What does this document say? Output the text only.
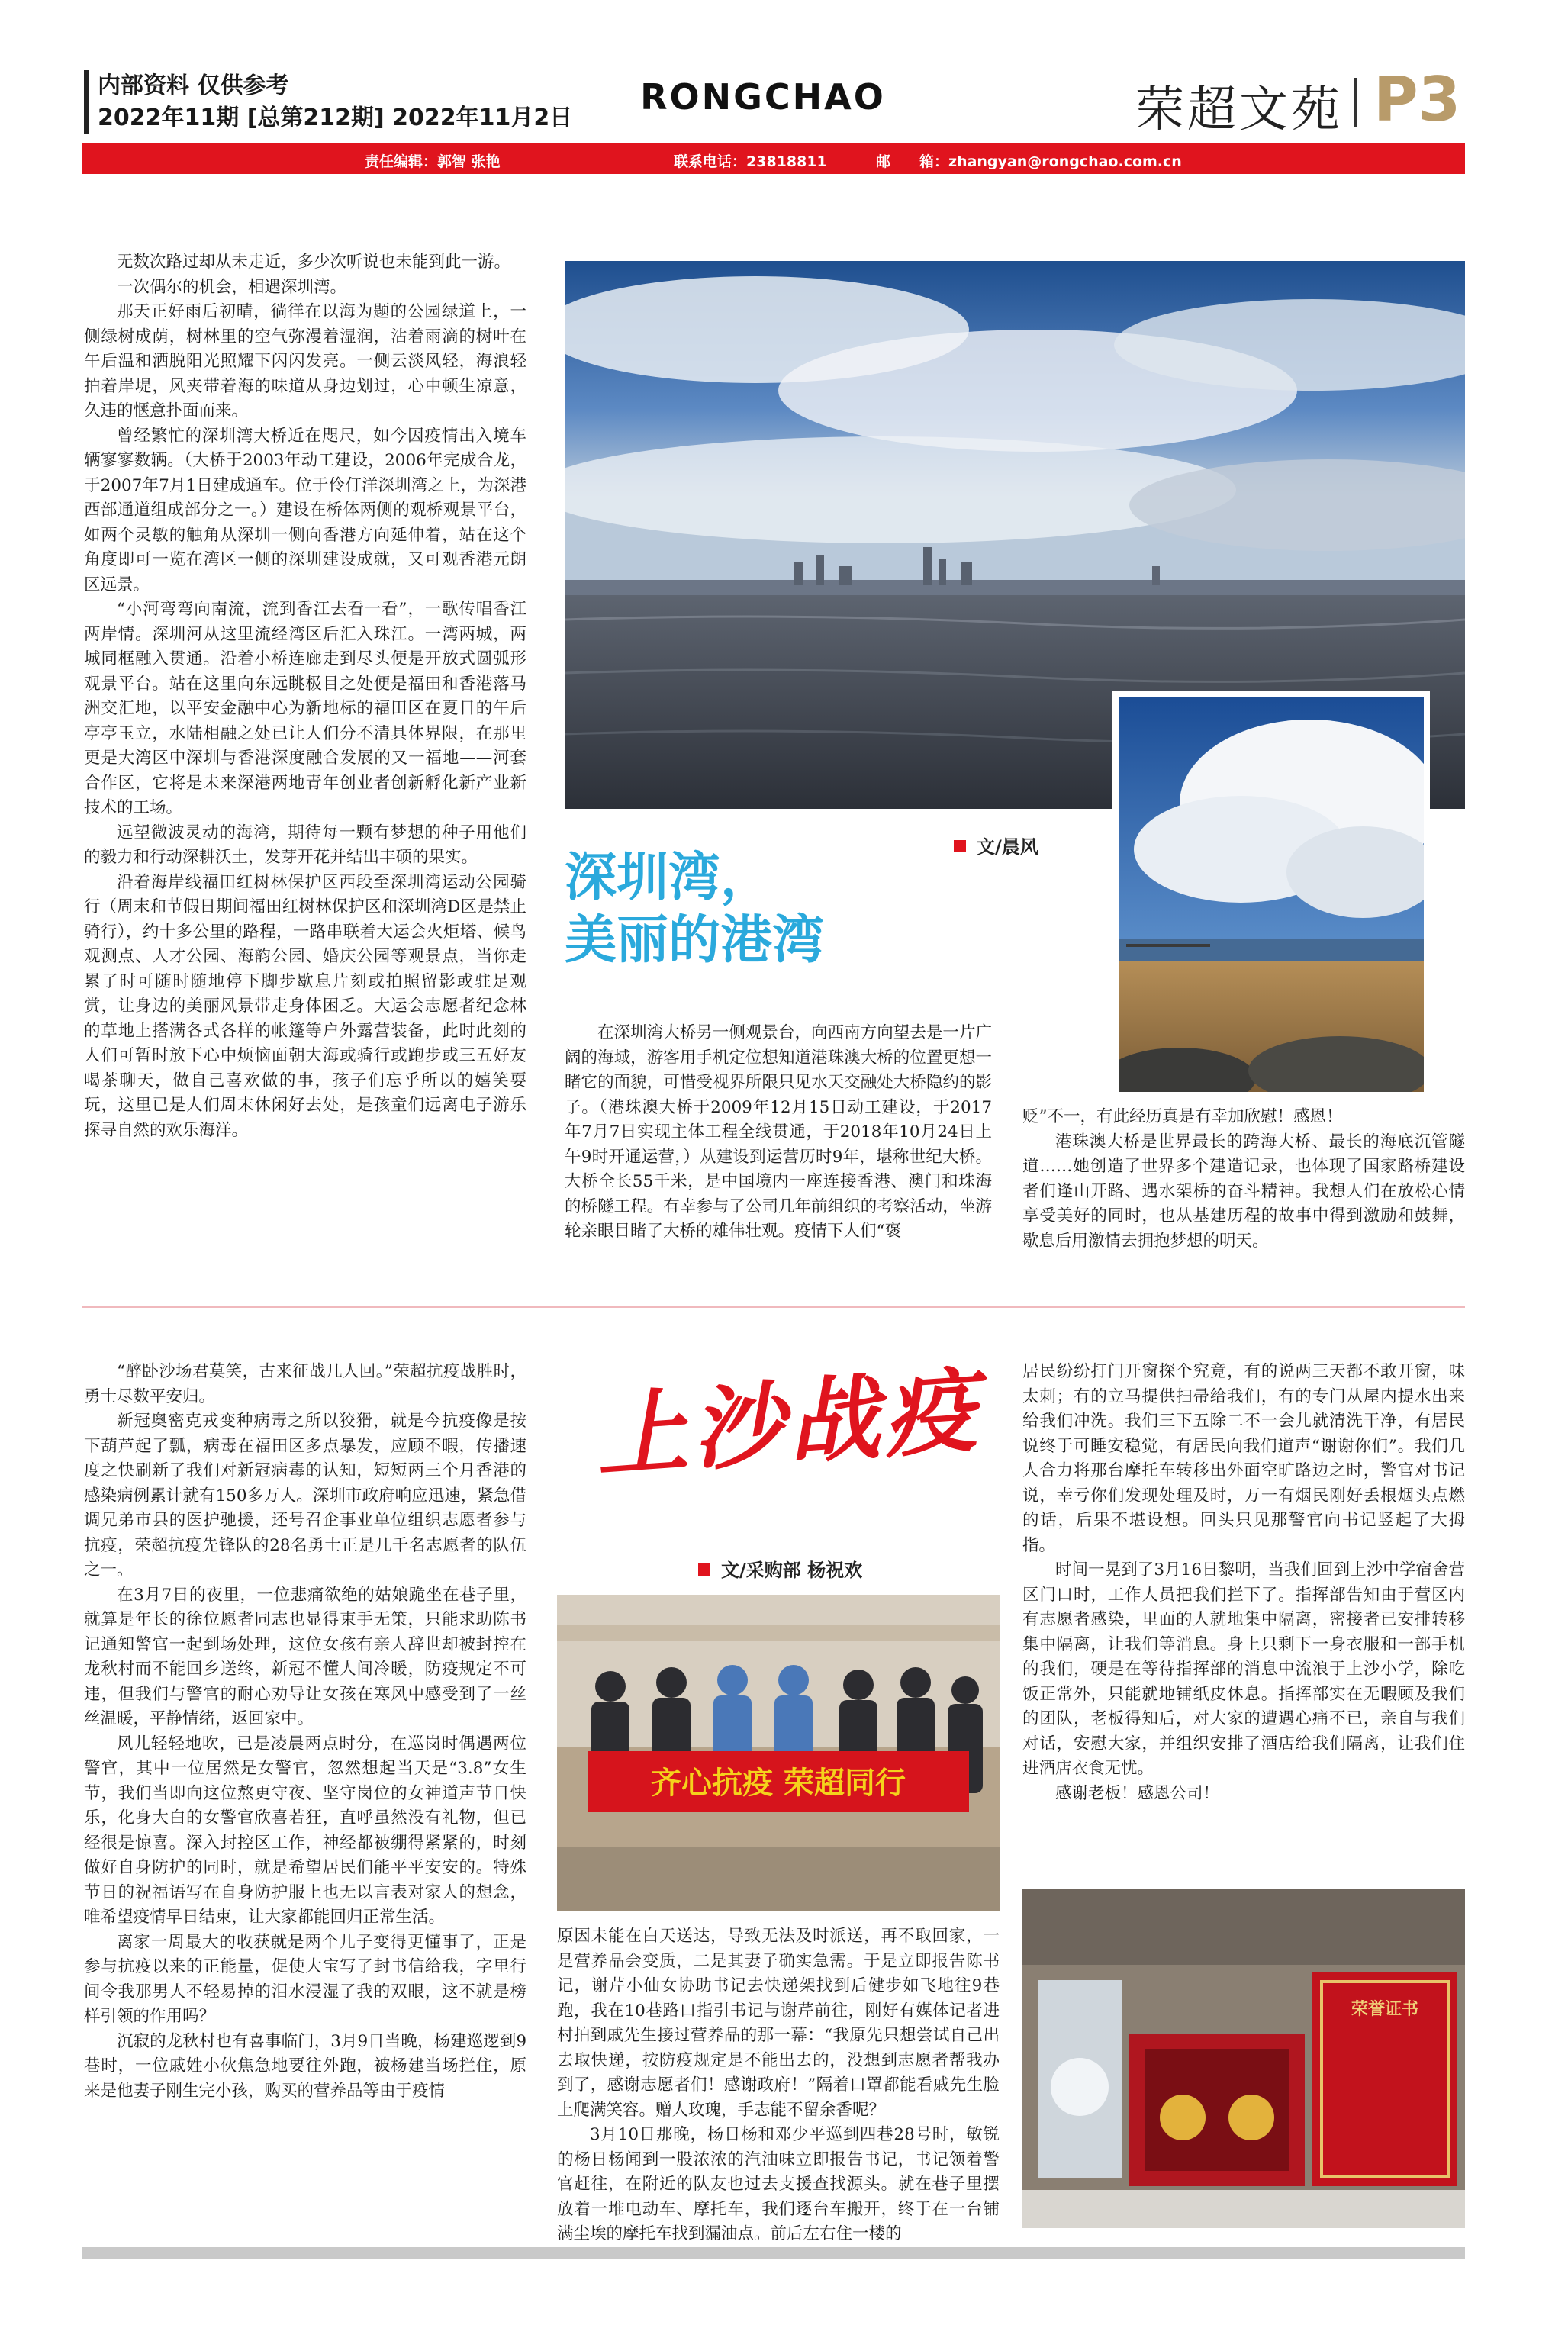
内部资料 仅供参考
2022年11期 [总第212期] 2022年11月2日
RONGCHAO	荣超文苑 P3
责任编辑：郭智 张艳	联系电话：23818811	邮　　箱：zhangyan@rongchao.com.cn

无数次路过却从未走近，多少次听说也未能到此一游。

一次偶尔的机会，相遇深圳湾。

那天正好雨后初晴，徜徉在以海为题的公园绿道上，一侧绿树成荫，树林里的空气弥漫着湿润，沾着雨滴的树叶在午后温和洒脱阳光照耀下闪闪发亮。一侧云淡风轻，海浪轻拍着岸堤，风夹带着海的味道从身边划过，心中顿生凉意，久违的惬意扑面而来。

曾经繁忙的深圳湾大桥近在咫尺，如今因疫情出入境车辆寥寥数辆。（大桥于2003年动工建设，2006年完成合龙，于2007年7月1日建成通车。位于伶仃洋深圳湾之上，为深港西部通道组成部分之一。）建设在桥体两侧的观桥观景平台，如两个灵敏的触角从深圳一侧向香港方向延伸着，站在这个角度即可一览在湾区一侧的深圳建设成就，又可观香港元朗区远景。

“小河弯弯向南流，流到香江去看一看”，一歌传唱香江两岸情。深圳河从这里流经湾区后汇入珠江。一湾两城，两城同框融入贯通。沿着小桥连廊走到尽头便是开放式圆弧形观景平台。站在这里向东远眺极目之处便是福田和香港落马洲交汇地，以平安金融中心为新地标的福田区在夏日的午后亭亭玉立，水陆相融之处已让人们分不清具体界限，在那里更是大湾区中深圳与香港深度融合发展的又一福地——河套合作区，它将是未来深港两地青年创业者创新孵化新产业新技术的工场。

远望微波灵动的海湾，期待每一颗有梦想的种子用他们的毅力和行动深耕沃土，发芽开花并结出丰硕的果实。

沿着海岸线福田红树林保护区西段至深圳湾运动公园骑行（周末和节假日期间福田红树林保护区和深圳湾D区是禁止骑行），约十多公里的路程，一路串联着大运会火炬塔、候鸟观测点、人才公园、海韵公园、婚庆公园等观景点，当你走累了时可随时随地停下脚步歇息片刻或拍照留影或驻足观赏，让身边的美丽风景带走身体困乏。大运会志愿者纪念林的草地上搭满各式各样的帐篷等户外露营装备，此时此刻的人们可暂时放下心中烦恼面朝大海或骑行或跑步或三五好友喝茶聊天，做自己喜欢做的事，孩子们忘乎所以的嬉笑耍玩，这里已是人们周末休闲好去处，是孩童们远离电子游乐探寻自然的欢乐海洋。

文/晨风
深圳湾，
美丽的港湾

在深圳湾大桥另一侧观景台，向西南方向望去是一片广阔的海域，游客用手机定位想知道港珠澳大桥的位置更想一睹它的面貌，可惜受视界所限只见水天交融处大桥隐约的影子。（港珠澳大桥于2009年12月15日动工建设，于2017年7月7日实现主体工程全线贯通，于2018年10月24日上午9时开通运营，）从建设到运营历时9年，堪称世纪大桥。大桥全长55千米，是中国境内一座连接香港、澳门和珠海的桥隧工程。有幸参与了公司几年前组织的考察活动，坐游轮亲眼目睹了大桥的雄伟壮观。疫情下人们“褒

贬”不一，有此经历真是有幸加欣慰！感恩！

港珠澳大桥是世界最长的跨海大桥、最长的海底沉管隧道……她创造了世界多个建造记录，也体现了国家路桥建设者们逢山开路、遇水架桥的奋斗精神。我想人们在放松心情享受美好的同时，也从基建历程的故事中得到激励和鼓舞，歇息后用激情去拥抱梦想的明天。

“醉卧沙场君莫笑，古来征战几人回。”荣超抗疫战胜时，勇士尽数平安归。

新冠奥密克戎变种病毒之所以狡猾，就是今抗疫像是按下葫芦起了瓢，病毒在福田区多点暴发，应顾不暇，传播速度之快刷新了我们对新冠病毒的认知，短短两三个月香港的感染病例累计就有150多万人。深圳市政府响应迅速，紧急借调兄弟市县的医护驰援，还号召企事业单位组织志愿者参与抗疫，荣超抗疫先锋队的28名勇士正是几千名志愿者的队伍之一。

在3月7日的夜里，一位悲痛欲绝的姑娘跪坐在巷子里，就算是年长的徐位愿者同志也显得束手无策，只能求助陈书记通知警官一起到场处理，这位女孩有亲人辞世却被封控在龙秋村而不能回乡送终，新冠不懂人间冷暖，防疫规定不可违，但我们与警官的耐心劝导让女孩在寒风中感受到了一丝丝温暖，平静情绪，返回家中。

风儿轻轻地吹，已是凌晨两点时分，在巡岗时偶遇两位警官，其中一位居然是女警官，忽然想起当天是“3.8”女生节，我们当即向这位熬更守夜、坚守岗位的女神道声节日快乐，化身大白的女警官欣喜若狂，直呼虽然没有礼物，但已经很是惊喜。深入封控区工作，神经都被绷得紧紧的，时刻做好自身防护的同时，就是希望居民们能平平安安的。特殊节日的祝福语写在自身防护服上也无以言表对家人的想念，唯希望疫情早日结束，让大家都能回归正常生活。

离家一周最大的收获就是两个儿子变得更懂事了，正是参与抗疫以来的正能量，促使大宝写了封书信给我，字里行间令我那男人不轻易掉的泪水浸湿了我的双眼，这不就是榜样引领的作用吗？

沉寂的龙秋村也有喜事临门，3月9日当晚，杨建巡逻到9巷时，一位戚姓小伙焦急地要往外跑，被杨建当场拦住，原来是他妻子刚生完小孩，购买的营养品等由于疫情

上沙战疫
文/采购部 杨祝欢
齐心抗疫 荣超同行

原因未能在白天送达，导致无法及时派送，再不取回家，一是营养品会变质，二是其妻子确实急需。于是立即报告陈书记，谢芹小仙女协助书记去快递架找到后健步如飞地往9巷跑，我在10巷路口指引书记与谢芹前往，刚好有媒体记者进村拍到戚先生接过营养品的那一幕：“我原先只想尝试自己出去取快递，按防疫规定是不能出去的，没想到志愿者帮我办到了，感谢志愿者们！感谢政府！”隔着口罩都能看戚先生脸上爬满笑容。赠人玫瑰，手志能不留余香呢？

3月10日那晚，杨日杨和邓少平巡到四巷28号时，敏锐的杨日杨闻到一股浓浓的汽油味立即报告书记，书记领着警官赶往，在附近的队友也过去支援查找源头。就在巷子里摆放着一堆电动车、摩托车，我们逐台车搬开，终于在一台铺满尘埃的摩托车找到漏油点。前后左右住一楼的

居民纷纷打门开窗探个究竟，有的说两三天都不敢开窗，味太刺；有的立马提供扫帚给我们，有的专门从屋内提水出来给我们冲洗。我们三下五除二不一会儿就清洗干净，有居民说终于可睡安稳觉，有居民向我们道声“谢谢你们”。我们几人合力将那台摩托车转移出外面空旷路边之时，警官对书记说，幸亏你们发现处理及时，万一有烟民刚好丢根烟头点燃的话，后果不堪设想。回头只见那警官向书记竖起了大拇指。

时间一晃到了3月16日黎明，当我们回到上沙中学宿舍营区门口时，工作人员把我们拦下了。指挥部告知由于营区内有志愿者感染，里面的人就地集中隔离，密接者已安排转移集中隔离，让我们等消息。身上只剩下一身衣服和一部手机的我们，硬是在等待指挥部的消息中流浪于上沙小学，除吃饭正常外，只能就地铺纸皮休息。指挥部实在无暇顾及我们的团队，老板得知后，对大家的遭遇心痛不已，亲自与我们对话，安慰大家，并组织安排了酒店给我们隔离，让我们住进酒店衣食无忧。

感谢老板！感恩公司！

荣誉证书
